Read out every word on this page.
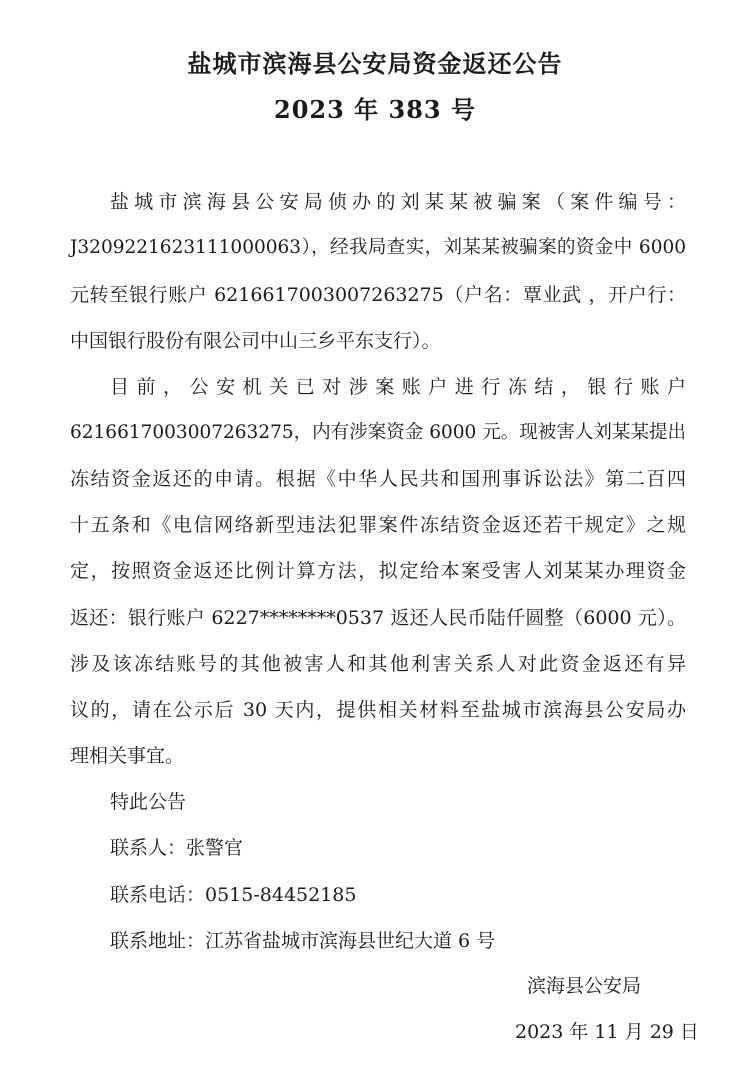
盐城市滨海县公安局资金返还公告
2023 年 383 号
盐城市滨海县公安局侦办的刘某某被骗案（案件编号：
J3209221623111000063），经我局查实，刘某某被骗案的资金中 6000
元转至银行账户 6216617003007263275（户名：覃业武 ，开户行：
中国银行股份有限公司中山三乡平东支行）。
目前，公安机关已对涉案账户进行冻结，银行账户
6216617003007263275，内有涉案资金 6000 元。现被害人刘某某提出
冻结资金返还的申请。根据《中华人民共和国刑事诉讼法》第二百四
十五条和《电信网络新型违法犯罪案件冻结资金返还若干规定》之规
定，按照资金返还比例计算方法，拟定给本案受害人刘某某办理资金
返还：银行账户 6227********0537 返还人民币陆仟圆整（6000 元）。
涉及该冻结账号的其他被害人和其他利害关系人对此资金返还有异
议的，请在公示后 30 天内，提供相关材料至盐城市滨海县公安局办
理相关事宜。
特此公告
联系人：张警官
联系电话：0515-84452185
联系地址：江苏省盐城市滨海县世纪大道 6 号
滨海县公安局
2023 年 11 月 29 日
